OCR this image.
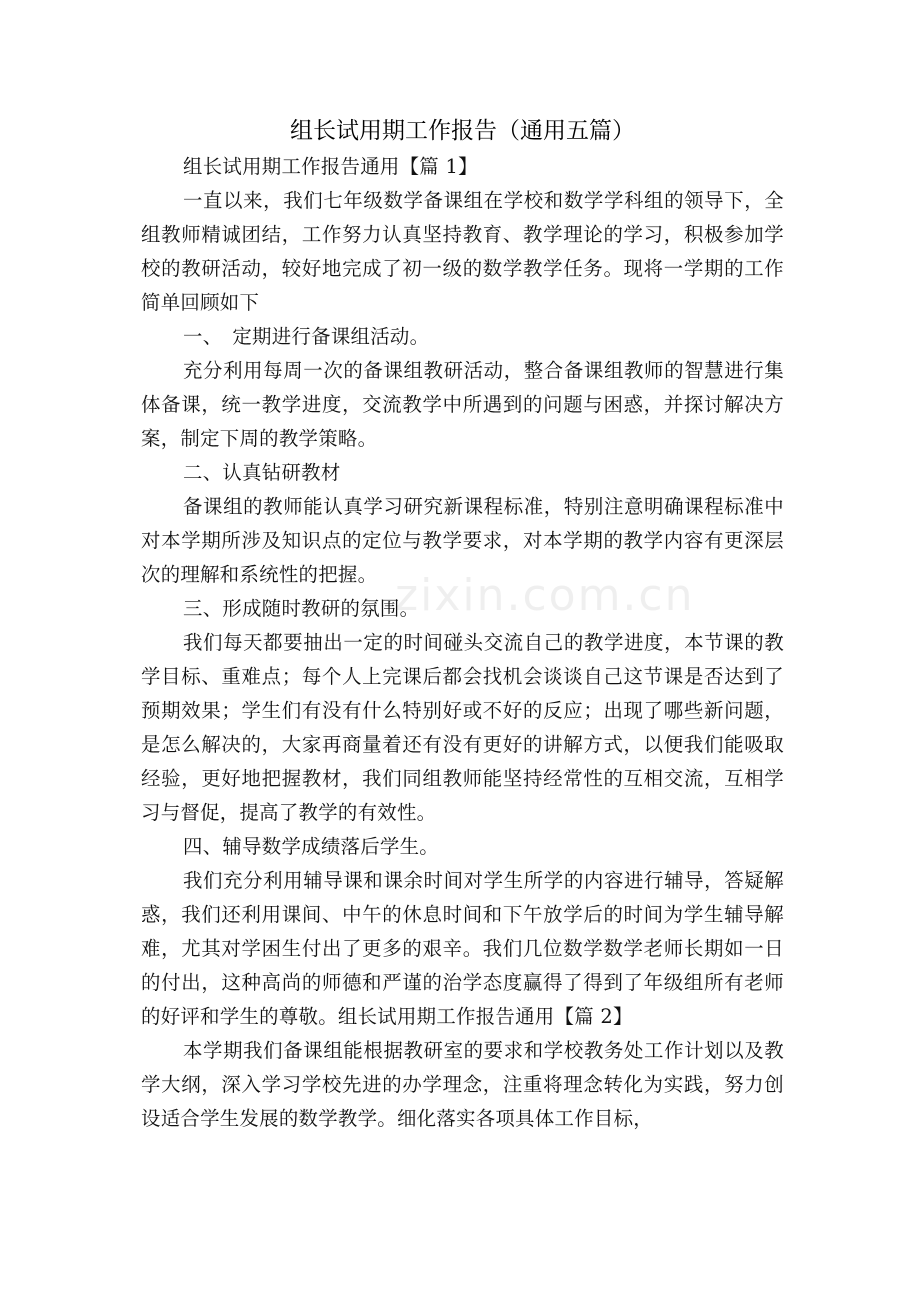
zixin.com.cn
组长试用期工作报告（通用五篇）

组长试用期工作报告通用【篇 1】

一直以来，我们七年级数学备课组在学校和数学学科组的领导下，全组教师精诚团结，工作努力认真坚持教育、教学理论的学习，积极参加学校的教研活动，较好地完成了初一级的数学教学任务。现将一学期的工作简单回顾如下

一、　定期进行备课组活动。

充分利用每周一次的备课组教研活动，整合备课组教师的智慧进行集体备课，统一教学进度，交流教学中所遇到的问题与困惑，并探讨解决方案，制定下周的教学策略。

二、认真钻研教材

备课组的教师能认真学习研究新课程标准，特别注意明确课程标准中对本学期所涉及知识点的定位与教学要求，对本学期的教学内容有更深层次的理解和系统性的把握。

三、形成随时教研的氛围。

我们每天都要抽出一定的时间碰头交流自己的教学进度，本节课的教学目标、重难点；每个人上完课后都会找机会谈谈自己这节课是否达到了预期效果；学生们有没有什么特别好或不好的反应；出现了哪些新问题，是怎么解决的，大家再商量着还有没有更好的讲解方式，以便我们能吸取经验，更好地把握教材，我们同组教师能坚持经常性的互相交流，互相学习与督促，提高了教学的有效性。

四、辅导数学成绩落后学生。

我们充分利用辅导课和课余时间对学生所学的内容进行辅导，答疑解惑，我们还利用课间、中午的休息时间和下午放学后的时间为学生辅导解难，尤其对学困生付出了更多的艰辛。我们几位数学数学老师长期如一日的付出，这种高尚的师德和严谨的治学态度赢得了得到了年级组所有老师的好评和学生的尊敬。组长试用期工作报告通用【篇 2】

本学期我们备课组能根据教研室的要求和学校教务处工作计划以及教学大纲，深入学习学校先进的办学理念，注重将理念转化为实践，努力创设适合学生发展的数学教学。细化落实各项具体工作目标，
